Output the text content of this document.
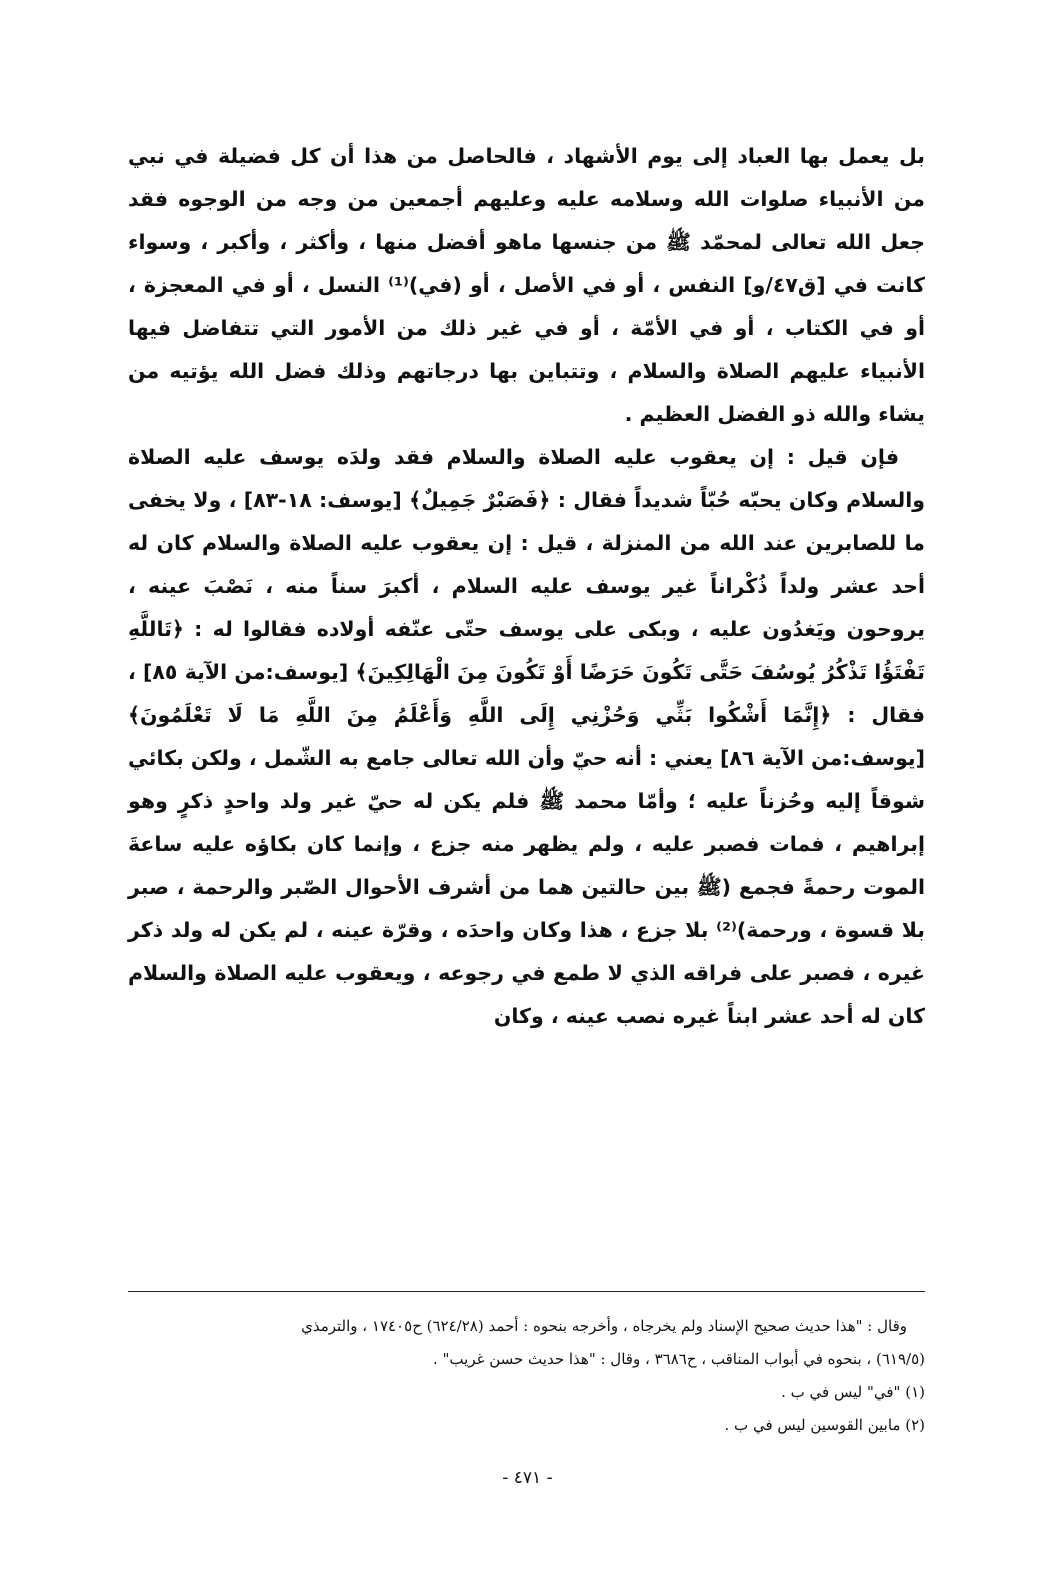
بل يعمل بها العباد إلى يوم الأشهاد ، فالحاصل من هذا أن كل فضيلة في نبي من الأنبياء صلوات الله وسلامه عليه وعليهم أجمعين من وجه من الوجوه فقد جعل الله تعالى لمحمّد ﷺ من جنسها ماهو أفضل منها ، وأكثر ، وأكبر ، وسواء كانت في [ق٤٧/و] النفس ، أو في الأصل ، أو (في)⁽¹⁾ النسل ، أو في المعجزة ، أو في الكتاب ، أو في الأمّة ، أو في غير ذلك من الأمور التي تتفاضل فيها الأنبياء عليهم الصلاة والسلام ، وتتباين بها درجاتهم وذلك فضل الله يؤتيه من يشاء والله ذو الفضل العظيم .

فإن قيل : إن يعقوب عليه الصلاة والسلام فقد ولدَه يوسف عليه الصلاة والسلام وكان يحبّه حُبّاً شديداً فقال : ﴿فَصَبْرٌ جَمِيلٌ﴾ [يوسف: ١٨-٨٣] ، ولا يخفى ما للصابرين عند الله من المنزلة ، قيل : إن يعقوب عليه الصلاة والسلام كان له أحد عشر ولداً ذُكْراناً غير يوسف عليه السلام ، أكبرَ سناً منه ، نَصْبَ عينه ، يروحون ويَغدُون عليه ، وبكى على يوسف حتّى عنّفه أولاده فقالوا له : ﴿تَاللَّهِ تَفْتَؤُا تَذْكُرُ يُوسُفَ حَتَّى تَكُونَ حَرَضًا أَوْ تَكُونَ مِنَ الْهَالِكِينَ﴾ [يوسف:من الآية ٨٥] ، فقال : ﴿إِنَّمَا أَشْكُوا بَثِّي وَحُزْنِي إِلَى اللَّهِ وَأَعْلَمُ مِنَ اللَّهِ مَا لَا تَعْلَمُونَ﴾ [يوسف:من الآية ٨٦] يعني : أنه حيّ وأن الله تعالى جامع به الشّمل ، ولكن بكائي شوقاً إليه وحُزناً عليه ؛ وأمّا محمد ﷺ فلم يكن له حيّ غير ولد واحدٍ ذكرٍ وهو إبراهيم ، فمات فصبر عليه ، ولم يظهر منه جزع ، وإنما كان بكاؤه عليه ساعةَ الموت رحمةً فجمع (ﷺ بين حالتين هما من أشرف الأحوال الصّبر والرحمة ، صبر بلا قسوة ، ورحمة)⁽²⁾ بلا جزع ، هذا وكان واحدَه ، وقرّة عينه ، لم يكن له ولد ذكر غيره ، فصبر على فراقه الذي لا طمع في رجوعه ، ويعقوب عليه الصلاة والسلام كان له أحد عشر ابناً غيره نصب عينه ، وكان

وقال : "هذا حديث صحيح الإسناد ولم يخرجاه ، وأخرجه بنحوه : أحمد (٦٢٤/٢٨) ح١٧٤٠٥ ، والترمذي

(٦١٩/٥) ، بنحوه في أبواب المناقب ، ح٣٦٨٦ ، وقال : "هذا حديث حسن غريب" .

(١) "في" ليس في ب .

(٢) مابين القوسين ليس في ب .

- ٤٧١ -
